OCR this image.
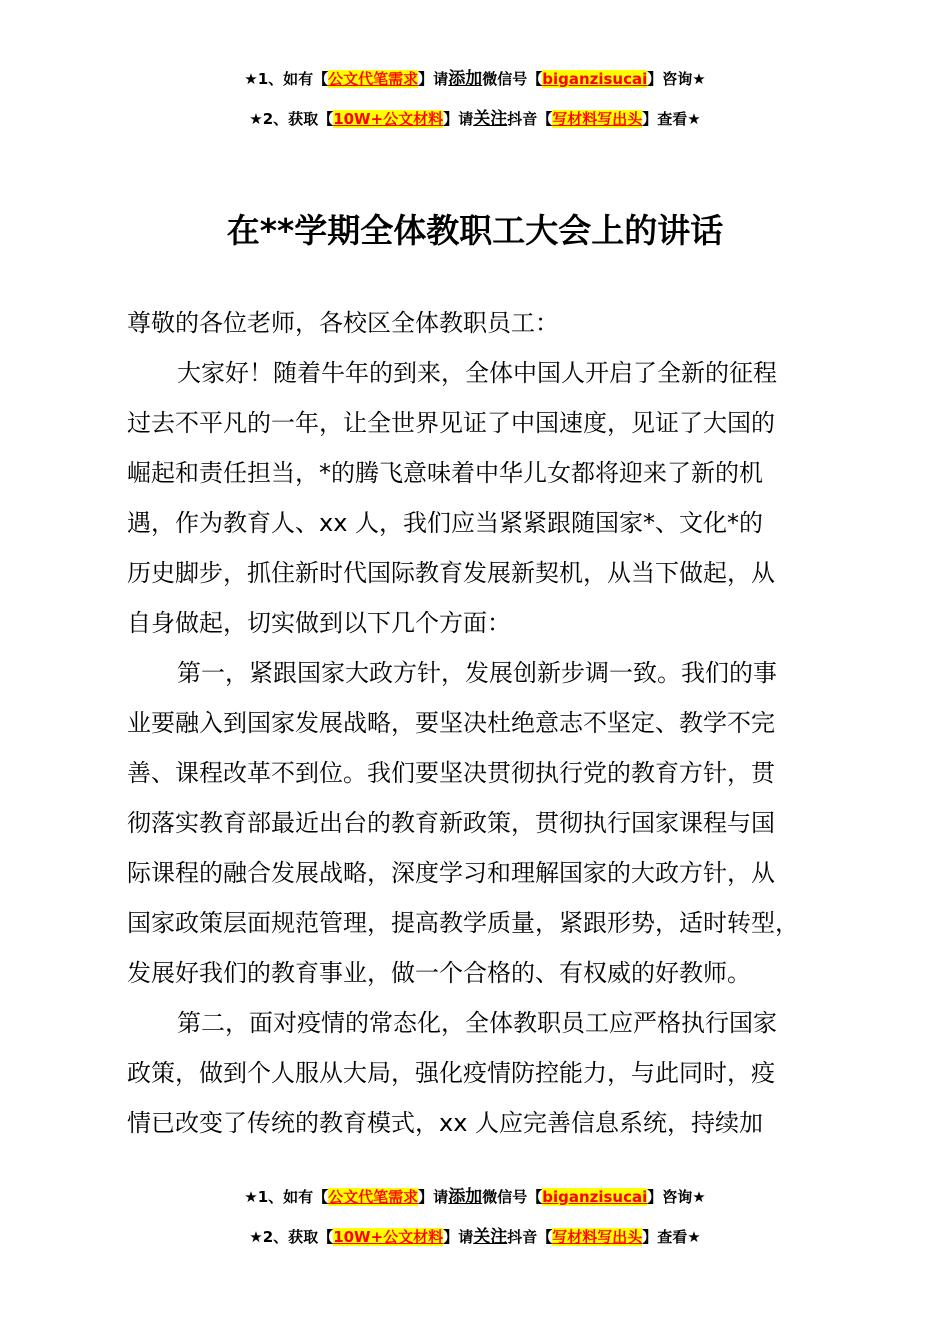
★1、如有【公文代笔需求】请添加微信号【biganzisucai】咨询★
★2、获取【10W+公文材料】请关注抖音【写材料写出头】查看★
在**学期全体教职工大会上的讲话
尊敬的各位老师，各校区全体教职员工：
大家好！随着牛年的到来，全体中国人开启了全新的征程
过去不平凡的一年，让全世界见证了中国速度，见证了大国的
崛起和责任担当，*的腾飞意味着中华儿女都将迎来了新的机
遇，作为教育人、xx 人，我们应当紧紧跟随国家*、文化*的
历史脚步，抓住新时代国际教育发展新契机，从当下做起，从
自身做起，切实做到以下几个方面：
第一，紧跟国家大政方针，发展创新步调一致。我们的事
业要融入到国家发展战略，要坚决杜绝意志不坚定、教学不完
善、课程改革不到位。我们要坚决贯彻执行党的教育方针，贯
彻落实教育部最近出台的教育新政策，贯彻执行国家课程与国
际课程的融合发展战略，深度学习和理解国家的大政方针，从
国家政策层面规范管理，提高教学质量，紧跟形势，适时转型，
发展好我们的教育事业，做一个合格的、有权威的好教师。
第二，面对疫情的常态化，全体教职员工应严格执行国家
政策，做到个人服从大局，强化疫情防控能力，与此同时，疫
情已改变了传统的教育模式，xx 人应完善信息系统，持续加
★1、如有【公文代笔需求】请添加微信号【biganzisucai】咨询★
★2、获取【10W+公文材料】请关注抖音【写材料写出头】查看★
